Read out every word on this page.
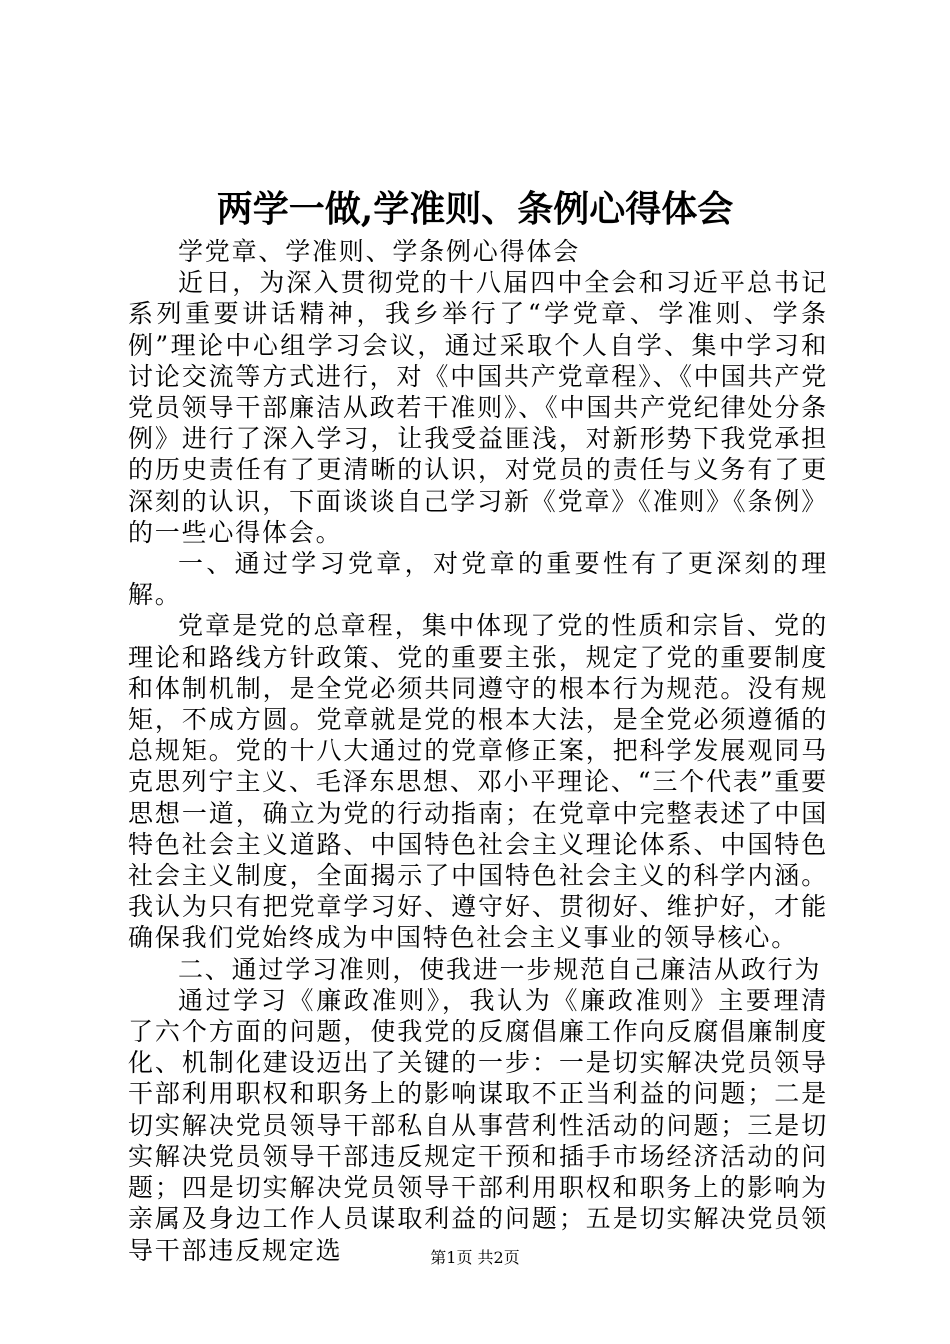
两学一做,学准则、条例心得体会

学党章、学准则、学条例心得体会

近日，为深入贯彻党的十八届四中全会和习近平总书记系列重要讲话精神，我乡举行了“学党章、学准则、学条例”理论中心组学习会议，通过采取个人自学、集中学习和讨论交流等方式进行，对《中国共产党章程》、《中国共产党党员领导干部廉洁从政若干准则》、《中国共产党纪律处分条例》进行了深入学习，让我受益匪浅，对新形势下我党承担的历史责任有了更清晰的认识，对党员的责任与义务有了更深刻的认识，下面谈谈自己学习新《党章》《准则》《条例》的一些心得体会。

一、通过学习党章，对党章的重要性有了更深刻的理解。

党章是党的总章程，集中体现了党的性质和宗旨、党的理论和路线方针政策、党的重要主张，规定了党的重要制度和体制机制，是全党必须共同遵守的根本行为规范。没有规矩，不成方圆。党章就是党的根本大法，是全党必须遵循的总规矩。党的十八大通过的党章修正案，把科学发展观同马克思列宁主义、毛泽东思想、邓小平理论、“三个代表”重要思想一道，确立为党的行动指南；在党章中完整表述了中国特色社会主义道路、中国特色社会主义理论体系、中国特色社会主义制度，全面揭示了中国特色社会主义的科学内涵。我认为只有把党章学习好、遵守好、贯彻好、维护好，才能确保我们党始终成为中国特色社会主义事业的领导核心。

二、通过学习准则，使我进一步规范自己廉洁从政行为

通过学习《廉政准则》，我认为《廉政准则》主要理清了六个方面的问题，使我党的反腐倡廉工作向反腐倡廉制度化、机制化建设迈出了关键的一步：一是切实解决党员领导干部利用职权和职务上的影响谋取不正当利益的问题；二是切实解决党员领导干部私自从事营利性活动的问题；三是切实解决党员领导干部违反规定干预和插手市场经济活动的问题；四是切实解决党员领导干部利用职权和职务上的影响为亲属及身边工作人员谋取利益的问题；五是切实解决党员领导干部违反规定选	第1页 共2页
